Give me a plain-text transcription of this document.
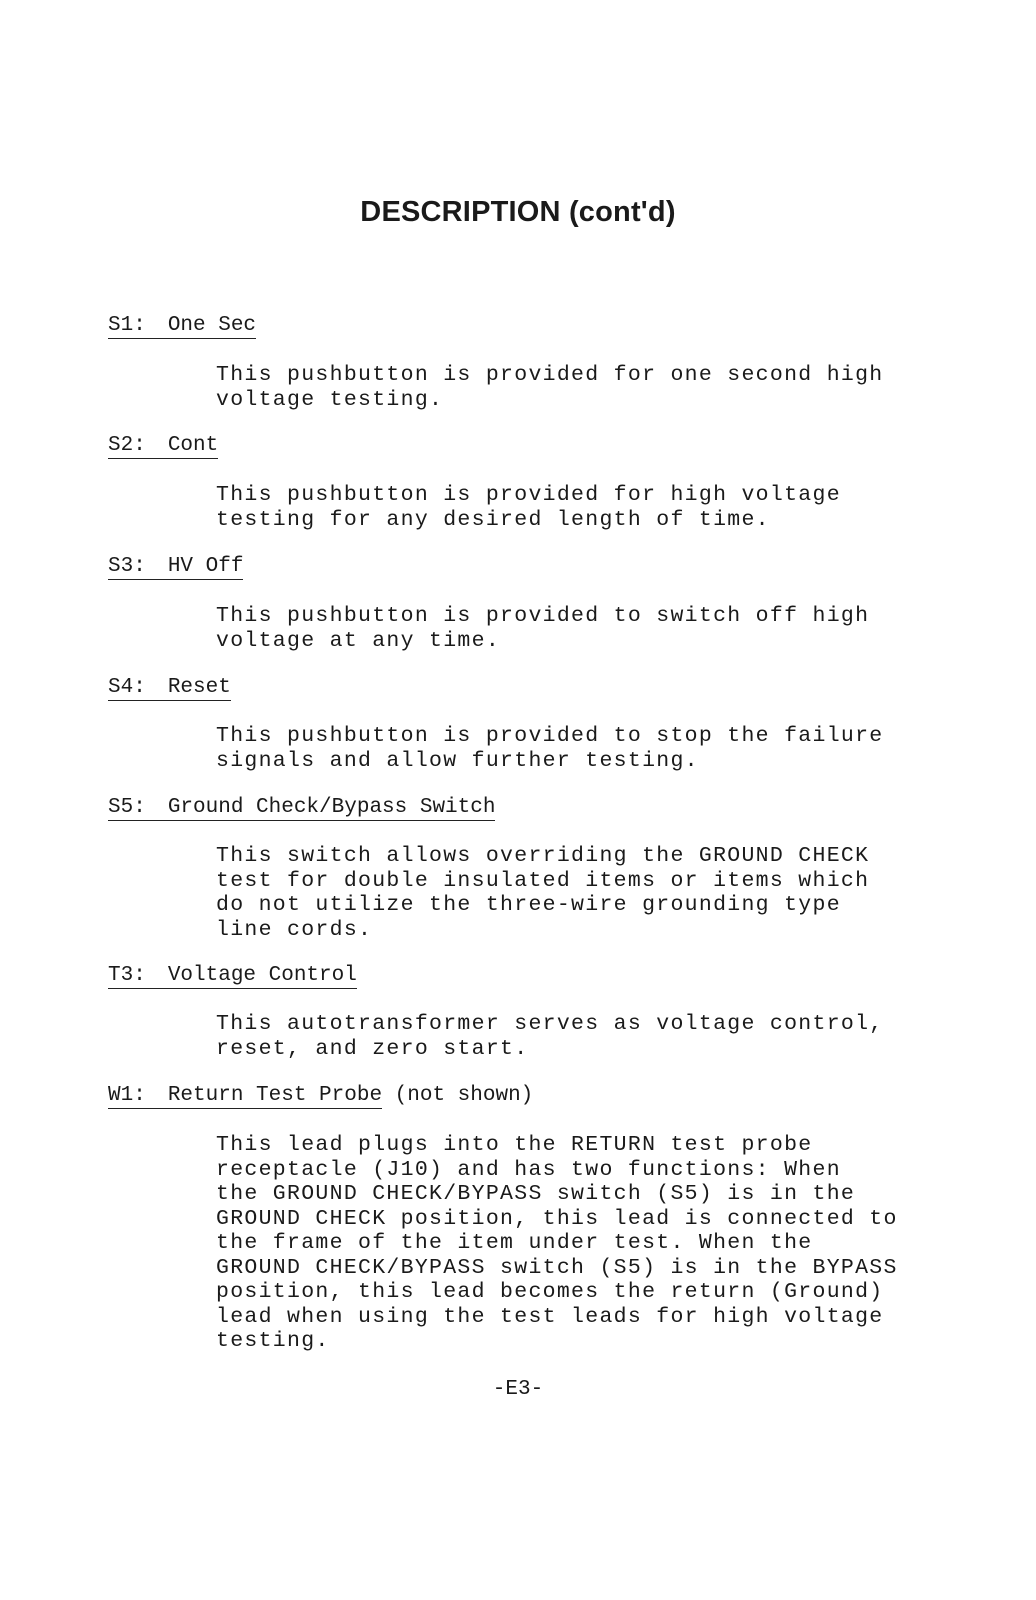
DESCRIPTION (cont'd)
S1: One Sec
This pushbutton is provided for one second high
voltage testing.
S2: Cont
This pushbutton is provided for high voltage
testing for any desired length of time.
S3: HV Off
This pushbutton is provided to switch off high
voltage at any time.
S4: Reset
This pushbutton is provided to stop the failure
signals and allow further testing.
S5: Ground Check/Bypass Switch
This switch allows overriding the GROUND CHECK
test for double insulated items or items which
do not utilize the three-wire grounding type
line cords.
T3: Voltage Control
This autotransformer serves as voltage control,
reset, and zero start.
W1: Return Test Probe (not shown)
This lead plugs into the RETURN test probe
receptacle (J10) and has two functions: When
the GROUND CHECK/BYPASS switch (S5) is in the
GROUND CHECK position, this lead is connected to
the frame of the item under test. When the
GROUND CHECK/BYPASS switch (S5) is in the BYPASS
position, this lead becomes the return (Ground)
lead when using the test leads for high voltage
testing.
-E3-
